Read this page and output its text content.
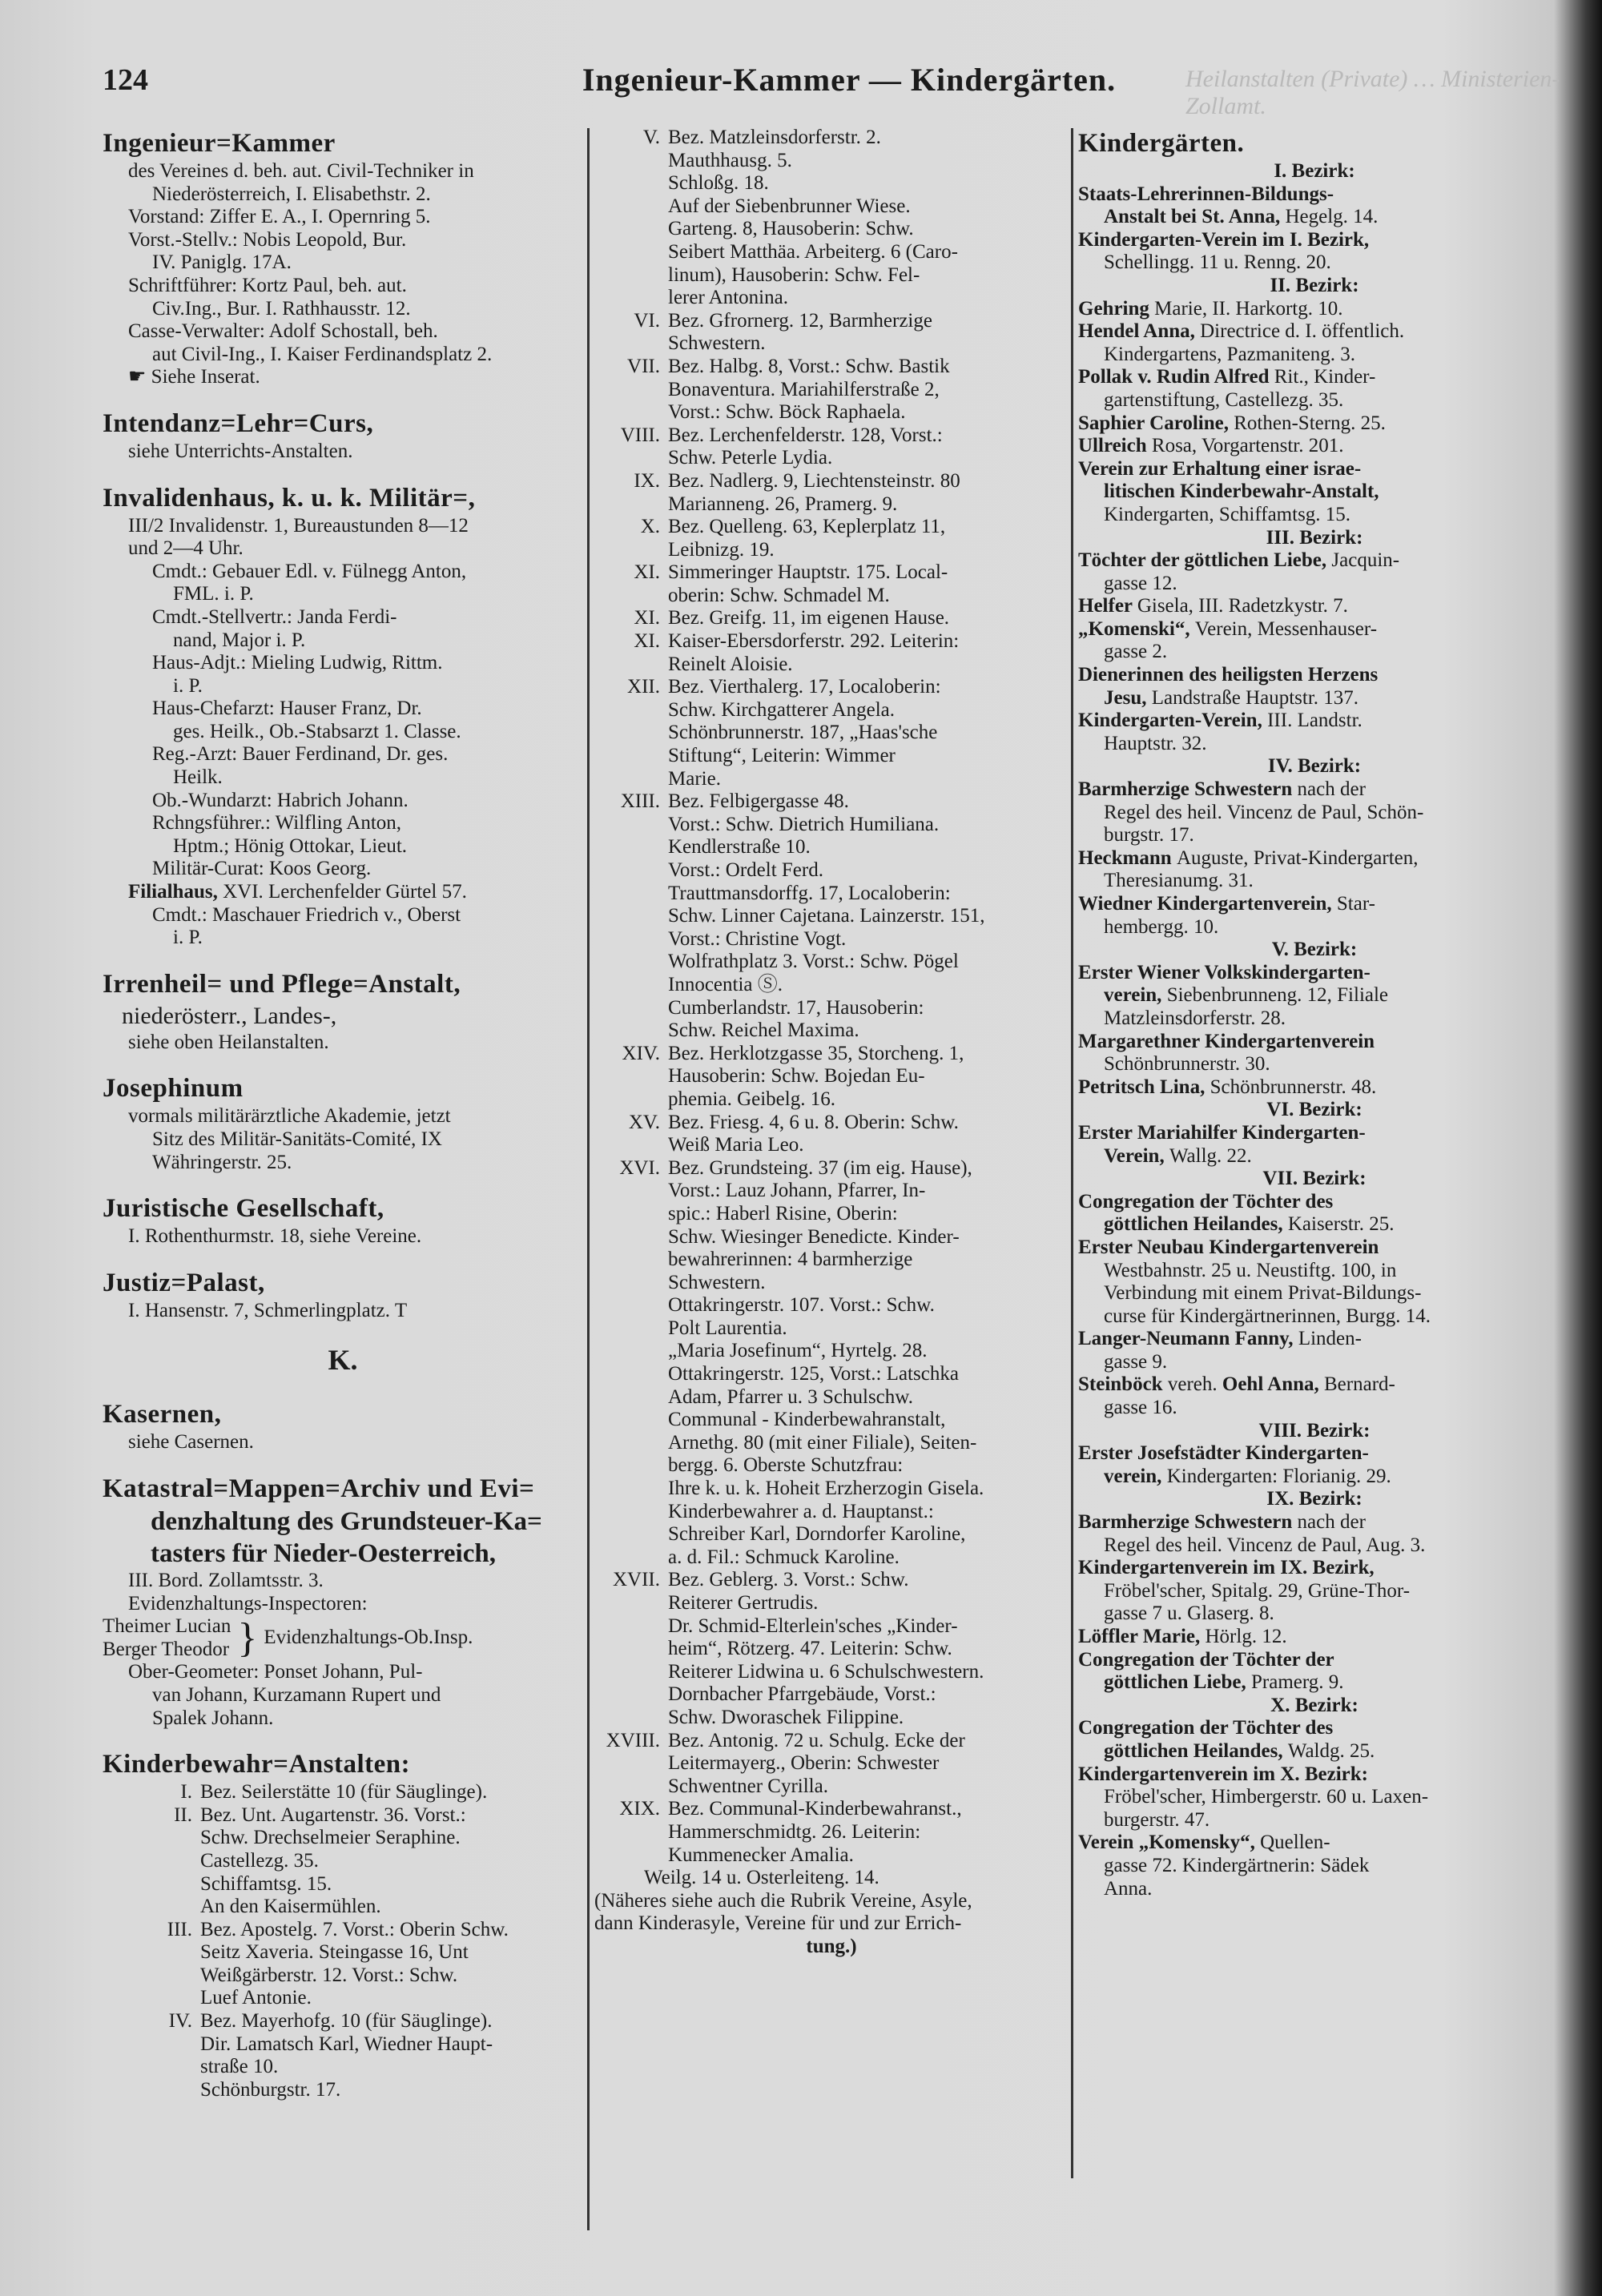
124	Ingenieur-Kammer — Kindergärten.	Heilanstalten (Private) … Ministerien-Zollamt.
Ingenieur=Kammer
des Vereines d. beh. aut. Civil-Techniker in
Niederösterreich, I. Elisabethstr. 2.
Vorstand: Ziffer E. A., I. Opernring 5.
Vorst.-Stellv.: Nobis Leopold, Bur.
IV. Paniglg. 17A.
Schriftführer: Kortz Paul, beh. aut.
Civ.Ing., Bur. I. Rathhausstr. 12.
Casse-Verwalter: Adolf Schostall, beh.
aut Civil-Ing., I. Kaiser Ferdinandsplatz 2.
☛ Siehe Inserat.
Intendanz=Lehr=Curs,
siehe Unterrichts-Anstalten.
Invalidenhaus, k. u. k. Militär=,
III/2 Invalidenstr. 1, Bureaustunden 8—12
und 2—4 Uhr.
Cmdt.: Gebauer Edl. v. Fülnegg Anton,
FML. i. P.
Cmdt.-Stellvertr.: Janda Ferdi-
nand, Major i. P.
Haus-Adjt.: Mieling Ludwig, Rittm.
i. P.
Haus-Chefarzt: Hauser Franz, Dr.
ges. Heilk., Ob.-Stabsarzt 1. Classe.
Reg.-Arzt: Bauer Ferdinand, Dr. ges.
Heilk.
Ob.-Wundarzt: Habrich Johann.
Rchngsführer.: Wilfling Anton,
Hptm.; Hönig Ottokar, Lieut.
Militär-Curat: Koos Georg.
Filialhaus, XVI. Lerchenfelder Gürtel 57.
Cmdt.: Maschauer Friedrich v., Oberst
i. P.
Irrenheil= und Pflege=Anstalt,
niederösterr., Landes-,
siehe oben Heilanstalten.
Josephinum
vormals militärärztliche Akademie, jetzt
Sitz des Militär-Sanitäts-Comité, IX
Währingerstr. 25.
Juristische Gesellschaft,
I. Rothenthurmstr. 18, siehe Vereine.
Justiz=Palast,
I. Hansenstr. 7, Schmerlingplatz. T
K.
Kasernen,
siehe Casernen.
Katastral=Mappen=Archiv und Evi=
denzhaltung des Grundsteuer-Ka=
tasters für Nieder-Oesterreich,
III. Bord. Zollamtsstr. 3.
Evidenzhaltungs-Inspectoren:
Theimer Lucian
Berger Theodor } Evidenzhaltungs-Ob.Insp.
Ober-Geometer: Ponset Johann, Pul-
van Johann, Kurzamann Rupert und
Spalek Johann.
Kinderbewahr=Anstalten:
I. Bez. Seilerstätte 10 (für Säuglinge).
II. Bez. Unt. Augartenstr. 36. Vorst.:
Schw. Drechselmeier Seraphine.
Castellezg. 35.
Schiffamtsg. 15.
An den Kaisermühlen.
III. Bez. Apostelg. 7. Vorst.: Oberin Schw.
Seitz Xaveria. Steingasse 16, Unt
Weißgärberstr. 12. Vorst.: Schw.
Luef Antonie.
IV. Bez. Mayerhofg. 10 (für Säuglinge).
Dir. Lamatsch Karl, Wiedner Haupt-
straße 10.
Schönburgstr. 17.
V. Bez. Matzleinsdorferstr. 2.
Mauthhausg. 5.
Schloßg. 18.
Auf der Siebenbrunner Wiese.
Garteng. 8, Hausoberin: Schw.
Seibert Matthäa. Arbeiterg. 6 (Caro-
linum), Hausoberin: Schw. Fel-
lerer Antonina.
VI. Bez. Gfrornerg. 12, Barmherzige
Schwestern.
VII. Bez. Halbg. 8, Vorst.: Schw. Bastik
Bonaventura. Mariahilferstraße 2,
Vorst.: Schw. Böck Raphaela.
VIII. Bez. Lerchenfelderstr. 128, Vorst.:
Schw. Peterle Lydia.
IX. Bez. Nadlerg. 9, Liechtensteinstr. 80
Marianneng. 26, Pramerg. 9.
X. Bez. Quelleng. 63, Keplerplatz 11,
Leibnizg. 19.
XI. Simmeringer Hauptstr. 175. Local-
oberin: Schw. Schmadel M.
XI. Bez. Greifg. 11, im eigenen Hause.
XI. Kaiser-Ebersdorferstr. 292. Leiterin:
Reinelt Aloisie.
XII. Bez. Vierthalerg. 17, Localoberin:
Schw. Kirchgatterer Angela.
Schönbrunnerstr. 187, „Haas'sche
Stiftung“, Leiterin: Wimmer
Marie.
XIII. Bez. Felbigergasse 48.
Vorst.: Schw. Dietrich Humiliana.
Kendlerstraße 10.
Vorst.: Ordelt Ferd.
Trauttmansdorffg. 17, Localoberin:
Schw. Linner Cajetana. Lainzerstr. 151,
Vorst.: Christine Vogt.
Wolfrathplatz 3. Vorst.: Schw. Pögel
Innocentia Ⓢ.
Cumberlandstr. 17, Hausoberin:
Schw. Reichel Maxima.
XIV. Bez. Herklotzgasse 35, Storcheng. 1,
Hausoberin: Schw. Bojedan Eu-
phemia. Geibelg. 16.
XV. Bez. Friesg. 4, 6 u. 8. Oberin: Schw.
Weiß Maria Leo.
XVI. Bez. Grundsteing. 37 (im eig. Hause),
Vorst.: Lauz Johann, Pfarrer, In-
spic.: Haberl Risine, Oberin:
Schw. Wiesinger Benedicte. Kinder-
bewahrerinnen: 4 barmherzige
Schwestern.
Ottakringerstr. 107. Vorst.: Schw.
Polt Laurentia.
„Maria Josefinum“, Hyrtelg. 28.
Ottakringerstr. 125, Vorst.: Latschka
Adam, Pfarrer u. 3 Schulschw.
Communal - Kinderbewahranstalt,
Arnethg. 80 (mit einer Filiale), Seiten-
bergg. 6. Oberste Schutzfrau:
Ihre k. u. k. Hoheit Erzherzogin Gisela.
Kinderbewahrer a. d. Hauptanst.:
Schreiber Karl, Dorndorfer Karoline,
a. d. Fil.: Schmuck Karoline.
XVII. Bez. Geblerg. 3. Vorst.: Schw.
Reiterer Gertrudis.
Dr. Schmid-Elterlein'sches „Kinder-
heim“, Rötzerg. 47. Leiterin: Schw.
Reiterer Lidwina u. 6 Schulschwestern.
Dornbacher Pfarrgebäude, Vorst.:
Schw. Dworaschek Filippine.
XVIII. Bez. Antonig. 72 u. Schulg. Ecke der
Leitermayerg., Oberin: Schwester
Schwentner Cyrilla.
XIX. Bez. Communal-Kinderbewahranst.,
Hammerschmidtg. 26. Leiterin:
Kummenecker Amalia.
Weilg. 14 u. Osterleiteng. 14.
(Näheres siehe auch die Rubrik Vereine, Asyle,
dann Kinderasyle, Vereine für und zur Errich-
tung.)
Kindergärten.
I. Bezirk:
Staats-Lehrerinnen-Bildungs-
Anstalt bei St. Anna, Hegelg. 14.
Kindergarten-Verein im I. Bezirk,
Schellingg. 11 u. Renng. 20.
II. Bezirk:
Gehring Marie, II. Harkortg. 10.
Hendel Anna, Directrice d. I. öffentlich.
Kindergartens, Pazmaniteng. 3.
Pollak v. Rudin Alfred Rit., Kinder-
gartenstiftung, Castellezg. 35.
Saphier Caroline, Rothen-Sterng. 25.
Ullreich Rosa, Vorgartenstr. 201.
Verein zur Erhaltung einer israe-
litischen Kinderbewahr-Anstalt,
Kindergarten, Schiffamtsg. 15.
III. Bezirk:
Töchter der göttlichen Liebe, Jacquin-
gasse 12.
Helfer Gisela, III. Radetzkystr. 7.
„Komenski“, Verein, Messenhauser-
gasse 2.
Dienerinnen des heiligsten Herzens
Jesu, Landstraße Hauptstr. 137.
Kindergarten-Verein, III. Landstr.
Hauptstr. 32.
IV. Bezirk:
Barmherzige Schwestern nach der
Regel des heil. Vincenz de Paul, Schön-
burgstr. 17.
Heckmann Auguste, Privat-Kindergarten,
Theresianumg. 31.
Wiedner Kindergartenverein, Star-
hembergg. 10.
V. Bezirk:
Erster Wiener Volkskindergarten-
verein, Siebenbrunneng. 12, Filiale
Matzleinsdorferstr. 28.
Margarethner Kindergartenverein
Schönbrunnerstr. 30.
Petritsch Lina, Schönbrunnerstr. 48.
VI. Bezirk:
Erster Mariahilfer Kindergarten-
Verein, Wallg. 22.
VII. Bezirk:
Congregation der Töchter des
göttlichen Heilandes, Kaiserstr. 25.
Erster Neubau Kindergartenverein
Westbahnstr. 25 u. Neustiftg. 100, in
Verbindung mit einem Privat-Bildungs-
curse für Kindergärtnerinnen, Burgg. 14.
Langer-Neumann Fanny, Linden-
gasse 9.
Steinböck vereh. Oehl Anna, Bernard-
gasse 16.
VIII. Bezirk:
Erster Josefstädter Kindergarten-
verein, Kindergarten: Florianig. 29.
IX. Bezirk:
Barmherzige Schwestern nach der
Regel des heil. Vincenz de Paul, Aug. 3.
Kindergartenverein im IX. Bezirk,
Fröbel'scher, Spitalg. 29, Grüne-Thor-
gasse 7 u. Glaserg. 8.
Löffler Marie, Hörlg. 12.
Congregation der Töchter der
göttlichen Liebe, Pramerg. 9.
X. Bezirk:
Congregation der Töchter des
göttlichen Heilandes, Waldg. 25.
Kindergartenverein im X. Bezirk:
Fröbel'scher, Himbergerstr. 60 u. Laxen-
burgerstr. 47.
Verein „Komensky“, Quellen-
gasse 72. Kindergärtnerin: Sädek
Anna.
